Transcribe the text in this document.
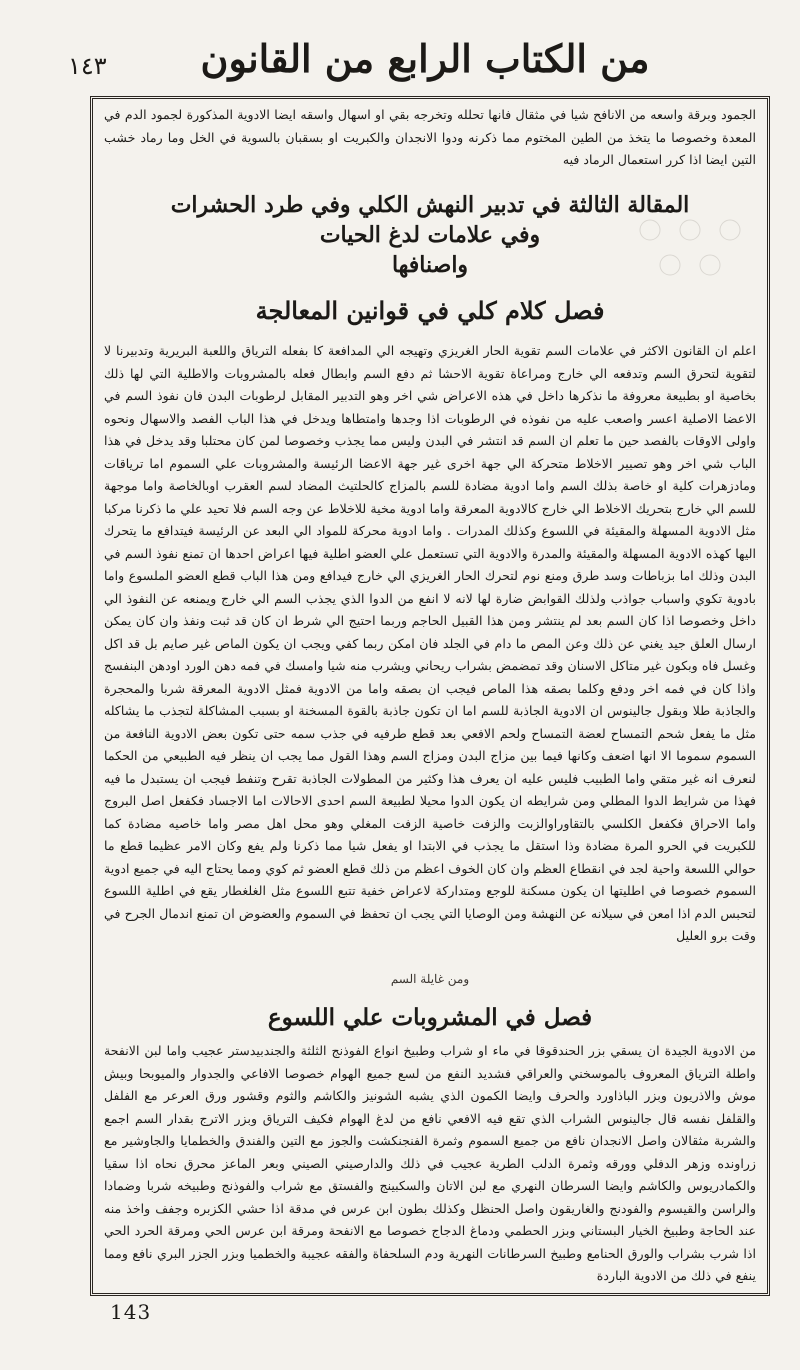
١٤٣ من الكتاب الرابع من القانون
الجمود وبرقة واسعه من الانافح شيا في مثقال فانها تحلله وتخرجه بقي او اسهال واسقه ايضا الادوية المذكورة لجمود الدم في المعدة وخصوصا ما يتخذ من الطين المختوم مما ذكرنه ودوا الانجدان والكبريت او بسقبان بالسوية في الخل وما رماد خشب التين ايضا اذا كرر استعمال الرماد فيه
المقالة الثالثة في تدبير النهش الكلي وفي طرد الحشرات
وفي علامات لدغ الحيات
واصنافها
فصل كلام كلي في قوانين المعالجة
اعلم ان القانون الاكثر في علامات السم تقوية الحار الغريزي وتهيجه الي المدافعة كا بفعله الترياق واللعبة البريرية وتدبيرنا لا لتقوية لتحرق السم وتدفعه الي خارج ومراعاة تقوية الاحشا ثم دفع السم وابطال فعله بالمشروبات والاطلية التي لها ذلك بخاصية او بطبيعة معروفة ما نذكرها داخل في هذه الاعراض شي اخر وهو التدبير المقابل لرطوبات البدن فان نفوذ السم في الاعضا الاصلية اعسر واصعب عليه من نفوذه في الرطوبات اذا وجدها وامتطاها ويدخل في هذا الباب الفصد والاسهال ونحوه واولى الاوقات بالفصد حين ما تعلم ان السم قد انتشر في البدن وليس مما يجذب وخصوصا لمن كان محتلبا وقد يدخل في هذا الباب شي اخر وهو تصيير الاخلاط متحركة الي جهة اخرى غير جهة الاعضا الرئيسة والمشروبات علي السموم اما ترياقات ومادزهرات كلية او خاصة بذلك السم واما ادوية مضادة للسم بالمزاج كالحلتيث المضاد لسم العقرب اوبالخاصة واما موجهة للسم الي خارج بتحريك الاخلاط الي خارج كالادوية المعرقة واما ادوية مخية للاخلاط عن وجه السم فلا تحيد علي ما ذكرنا مركبا مثل الادوية المسهلة والمقيئة في اللسوع وكذلك المدرات . واما ادوية محركة للمواد الي البعد عن الرئيسة فيتدافع ما يتحرك اليها كهذه الادوية المسهلة والمقيئة والمدرة والادوية التي تستعمل علي العضو اطلية فيها اعراض احدها ان تمنع نفوذ السم في البدن وذلك اما بزباطات وسد طرق ومنع نوم لتحرك الحار الغريزي الي خارج فيدافع ومن هذا الباب قطع العضو الملسوع واما بادوية تكوي واسباب جواذب ولذلك القوابض ضارة لها لانه لا انفع من الدوا الذي يجذب السم الي خارج ويمنعه عن النفوذ الي داخل وخصوصا اذا كان السم بعد لم ينتشر ومن هذا القبيل الحاجم وربما احتيج الي شرط ان كان قد ثبت ونفذ وان كان يمكن ارسال العلق جيد يغني عن ذلك وعن المص ما دام في الجلد فان امكن ربما كفي ويجب ان يكون الماص غير صايم بل قد اكل وغسل فاه وبكون غير متاكل الاسنان وقد تمضمض بشراب ريحاني ويشرب منه شيا وامسك في فمه دهن الورد اودهن البنفسج واذا كان في فمه اخر ودفع وكلما بصقه هذا الماص فيجب ان بصقه واما من الادوية فمثل الادوية المعرقة شربا والمحجرة والجاذبة طلا وبقول جالينوس ان الادوية الجاذبة للسم اما ان تكون جاذبة بالقوة المسخنة او بسبب المشاكلة لتجذب ما يشاكله مثل ما يفعل شحم التمساح لعضة التمساح ولحم الافعي بعد قطع طرفيه في جذب سمه حتى تكون بعض الادوية النافعة من السموم سموما الا انها اضعف وكانها فيما بين مزاج البدن ومزاج السم وهذا القول مما يجب ان ينظر فيه الطبيعي من الحكما لنعرف انه غير متقي واما الطبيب فليس عليه ان يعرف هذا وكثير من المطولات الجاذبة تقرح وتنفط فيجب ان يستبدل ما فيه فهذا من شرايط الدوا المطلي ومن شرايطه ان يكون الدوا محيلا لطبيعة السم احدى الاحالات اما الاجساد فكفعل اصل البروج واما الاحراق فكفعل الكلسي بالتقاوراوالزبت والزفت خاصية الزفت المغلي وهو محل اهل مصر واما خاصيه مضادة كما للكبريت في الحرو المرة مضادة وذا استقل ما يجذب في الابتدا او يفعل شيا مما ذكرنا ولم يفع وكان الامر عظيما قطع ما حوالي اللسعة واحية لجد في انقطاع العظم وان كان الخوف اعظم من ذلك قطع العضو ثم كوي ومما يحتاج اليه في جميع ادوية السموم خصوصا في اطليتها ان يكون مسكنة للوجع ومتداركة لاعراض خفية تتبع اللسوع مثل الغلغطار يقع في اطلية اللسوع لتحبس الدم اذا امعن في سيلانه عن النهشة ومن الوصايا التي يجب ان تحفظ في السموم والعضوض ان تمنع اندمال الجرح في وقت برو العليل
ومن غايلة السم
فصل في المشروبات علي اللسوع
من الادوية الجيدة ان يسقي بزر الحندقوقا في ماء او شراب وطبيخ انواع الفوذنج الثلثة والجندبيدستر عجيب واما لبن الانفحة واطلة الترياق المعروف بالموسخني والعراقي فشديد النفع من لسع جميع الهوام خصوصا الافاعي والجدوار والميوبحا وبيش موش والاذريون وبزر الباذاورد والحرف وايضا الكمون الذي يشبه الشونيز والكاشم والثوم وقشور ورق العرعر مع الفلفل والقلفل نفسه قال جالينوس الشراب الذي تقع فيه الافعي نافع من لدغ الهوام فكيف الترياق وبزر الاترج بقدار السم اجمع والشربة مثقالان واصل الانجدان نافع من جميع السموم وثمرة الفنجنكشت والجوز مع التين والفندق والخطمايا والجاوشير مع زراونده وزهر الدفلي وورقه وثمرة الدلب الطرية عجيب في ذلك والدارصيني الصيني وبعر الماعز محرق نحاه اذا سقيا والكمادريوس والكاشم وايضا السرطان النهري مع لبن الاتان والسكبينج والفستق مع شراب والفوذنج وطبيخه شربا وضمادا والراسن والقيسوم والفودنج والغاريقون واصل الحنظل وكذلك بطون ابن عرس في مدقة اذا حشي الكزبره وجفف واخذ منه عند الحاجة وطبيخ الخيار البستاني وبزر الحطمي ودماغ الدجاج خصوصا مع الانفحة ومرقة ابن عرس الحي ومرقة الحرد الحي اذا شرب بشراب والورق الحنامع وطبيخ السرطانات النهرية ودم السلحفاة والفقه عجيبة والخطميا وبزر الجزر البري نافع ومما ينفع في ذلك من الادوية الباردة
143
